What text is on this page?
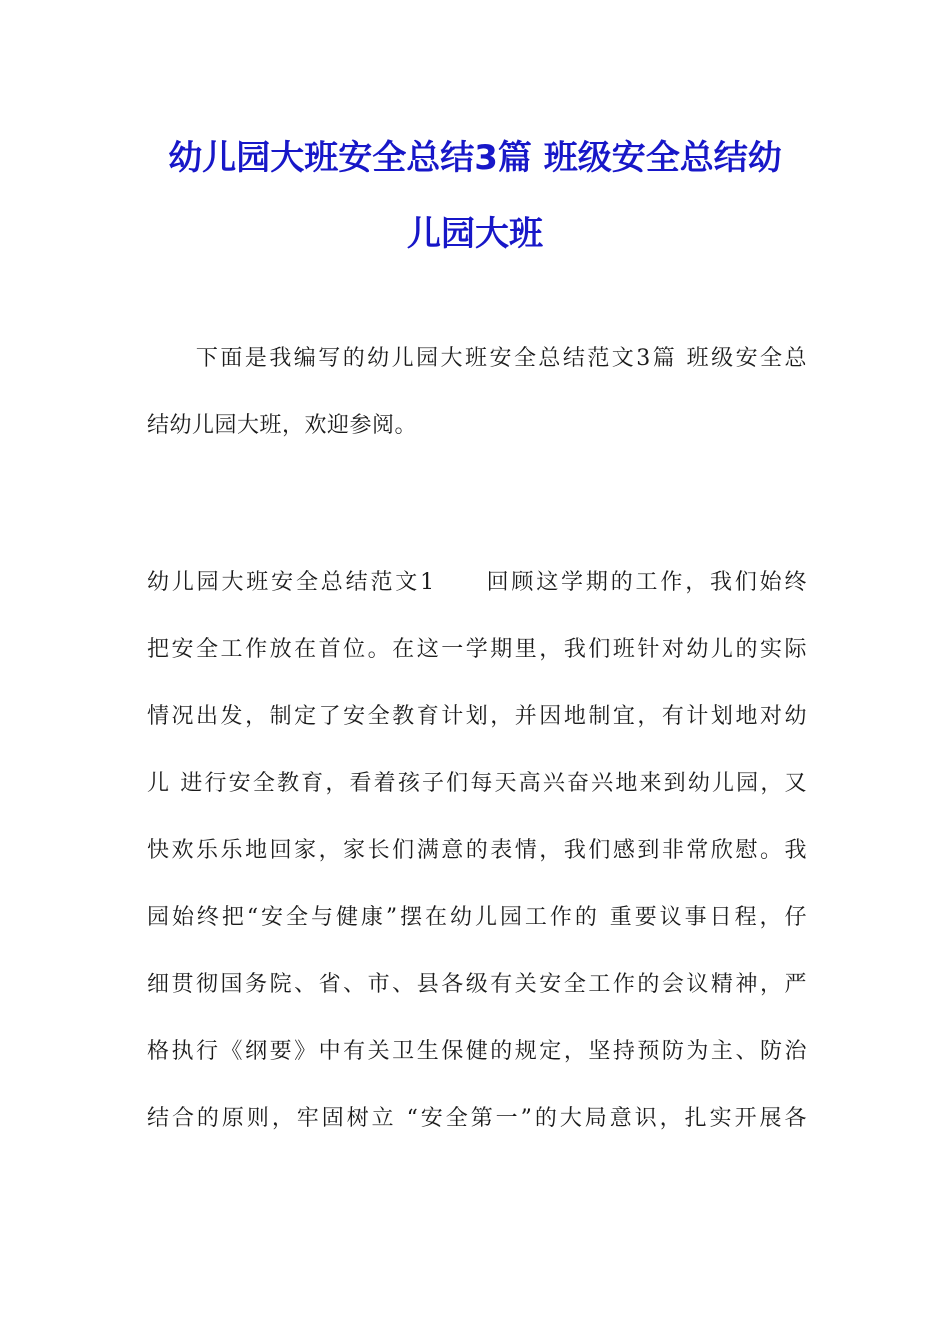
幼儿园大班安全总结3篇 班级安全总结幼
儿园大班

　　下面是我编写的幼儿园大班安全总结范文3篇 班级安全总
结幼儿园大班，欢迎参阅。

幼儿园大班安全总结范文1　　回顾这学期的工作，我们始终
把安全工作放在首位。在这一学期里，我们班针对幼儿的实际
情况出发，制定了安全教育计划，并因地制宜，有计划地对幼
儿 进行安全教育，看着孩子们每天高兴奋兴地来到幼儿园，又
快欢乐乐地回家，家长们满意的表情，我们感到非常欣慰。我
园始终把“安全与健康”摆在幼儿园工作的 重要议事日程，仔
细贯彻国务院、省、市、县各级有关安全工作的会议精神，严
格执行《纲要》中有关卫生保健的规定，坚持预防为主、防治
结合的原则，牢固树立 “安全第一”的大局意识，扎实开展各
